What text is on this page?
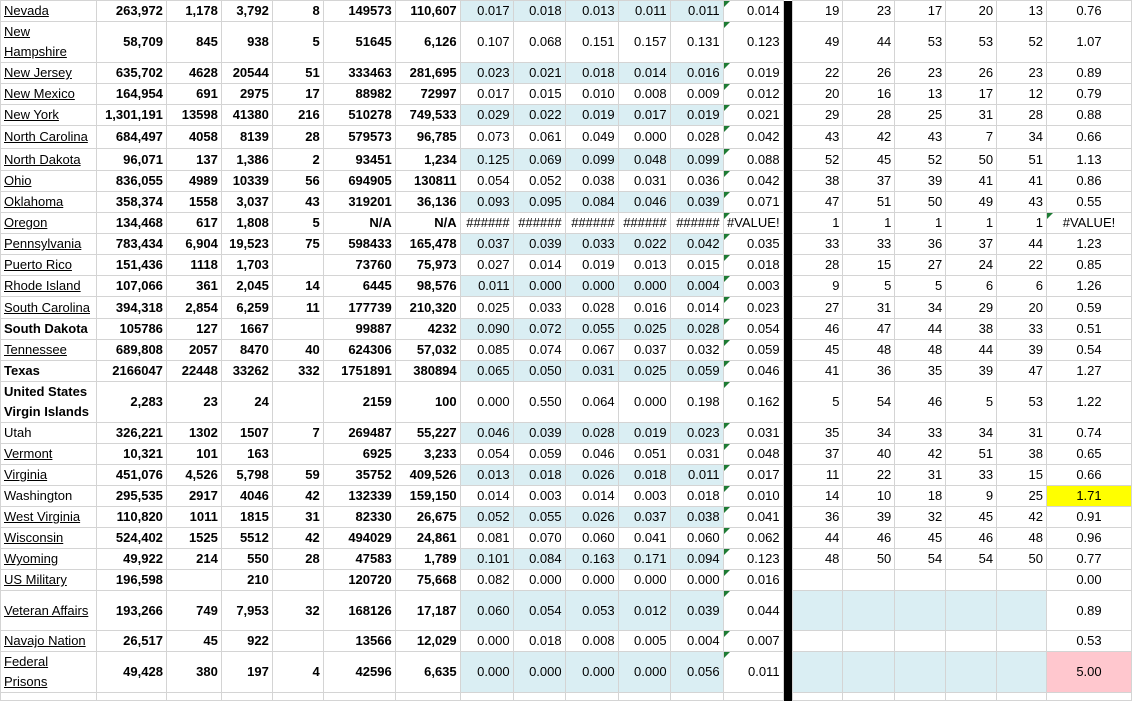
Nevada	263,972	1,178	3,792	8	149573	110,607	0.017	0.018	0.013	0.011	0.011	0.014		19	23	17	20	13	0.76
New Hampshire	58,709	845	938	5	51645	6,126	0.107	0.068	0.151	0.157	0.131	0.123		49	44	53	53	52	1.07
New Jersey	635,702	4628	20544	51	333463	281,695	0.023	0.021	0.018	0.014	0.016	0.019		22	26	23	26	23	0.89
New Mexico	164,954	691	2975	17	88982	72997	0.017	0.015	0.010	0.008	0.009	0.012		20	16	13	17	12	0.79
New York	1,301,191	13598	41380	216	510278	749,533	0.029	0.022	0.019	0.017	0.019	0.021		29	28	25	31	28	0.88
North Carolina	684,497	4058	8139	28	579573	96,785	0.073	0.061	0.049	0.000	0.028	0.042		43	42	43	7	34	0.66
North Dakota	96,071	137	1,386	2	93451	1,234	0.125	0.069	0.099	0.048	0.099	0.088		52	45	52	50	51	1.13
Ohio	836,055	4989	10339	56	694905	130811	0.054	0.052	0.038	0.031	0.036	0.042		38	37	39	41	41	0.86
Oklahoma	358,374	1558	3,037	43	319201	36,136	0.093	0.095	0.084	0.046	0.039	0.071		47	51	50	49	43	0.55
Oregon	134,468	617	1,808	5	N/A	N/A	######	######	######	######	######	#VALUE!		1	1	1	1	1	#VALUE!
Pennsylvania	783,434	6,904	19,523	75	598433	165,478	0.037	0.039	0.033	0.022	0.042	0.035		33	33	36	37	44	1.23
Puerto Rico	151,436	1118	1,703		73760	75,973	0.027	0.014	0.019	0.013	0.015	0.018		28	15	27	24	22	0.85
Rhode Island	107,066	361	2,045	14	6445	98,576	0.011	0.000	0.000	0.000	0.004	0.003		9	5	5	6	6	1.26
South Carolina	394,318	2,854	6,259	11	177739	210,320	0.025	0.033	0.028	0.016	0.014	0.023		27	31	34	29	20	0.59
South Dakota	105786	127	1667		99887	4232	0.090	0.072	0.055	0.025	0.028	0.054		46	47	44	38	33	0.51
Tennessee	689,808	2057	8470	40	624306	57,032	0.085	0.074	0.067	0.037	0.032	0.059		45	48	48	44	39	0.54
Texas	2166047	22448	33262	332	1751891	380894	0.065	0.050	0.031	0.025	0.059	0.046		41	36	35	39	47	1.27
United States Virgin Islands	2,283	23	24		2159	100	0.000	0.550	0.064	0.000	0.198	0.162		5	54	46	5	53	1.22
Utah	326,221	1302	1507	7	269487	55,227	0.046	0.039	0.028	0.019	0.023	0.031		35	34	33	34	31	0.74
Vermont	10,321	101	163		6925	3,233	0.054	0.059	0.046	0.051	0.031	0.048		37	40	42	51	38	0.65
Virginia	451,076	4,526	5,798	59	35752	409,526	0.013	0.018	0.026	0.018	0.011	0.017		11	22	31	33	15	0.66
Washington	295,535	2917	4046	42	132339	159,150	0.014	0.003	0.014	0.003	0.018	0.010		14	10	18	9	25	1.71
West Virginia	110,820	1011	1815	31	82330	26,675	0.052	0.055	0.026	0.037	0.038	0.041		36	39	32	45	42	0.91
Wisconsin	524,402	1525	5512	42	494029	24,861	0.081	0.070	0.060	0.041	0.060	0.062		44	46	45	46	48	0.96
Wyoming	49,922	214	550	28	47583	1,789	0.101	0.084	0.163	0.171	0.094	0.123		48	50	54	54	50	0.77
US Military	196,598		210		120720	75,668	0.082	0.000	0.000	0.000	0.000	0.016							0.00
Veteran Affairs	193,266	749	7,953	32	168126	17,187	0.060	0.054	0.053	0.012	0.039	0.044							0.89
Navajo Nation	26,517	45	922		13566	12,029	0.000	0.018	0.008	0.005	0.004	0.007							0.53
Federal Prisons	49,428	380	197	4	42596	6,635	0.000	0.000	0.000	0.000	0.056	0.011							5.00
